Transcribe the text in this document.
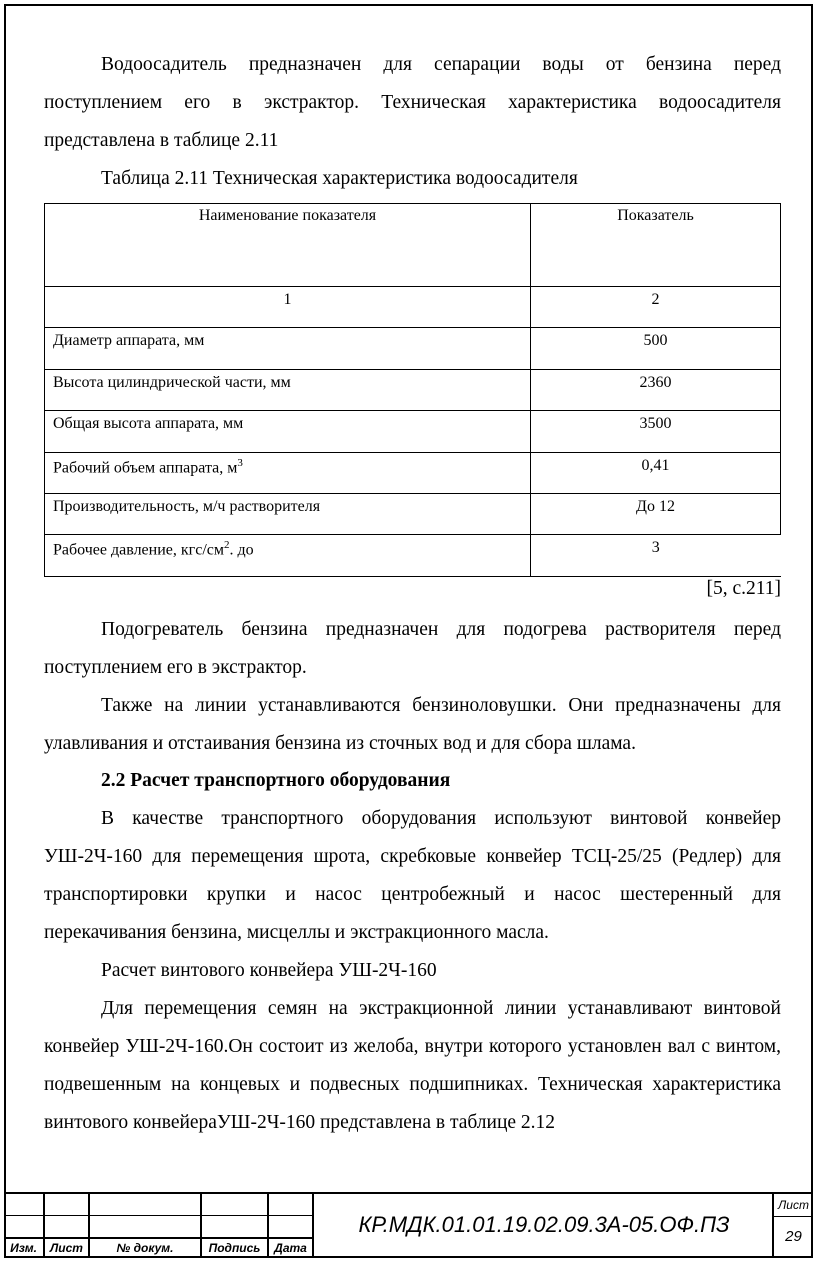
Водоосадитель предназначен для сепарации воды от бензина перед поступлением его в экстрактор. Техническая характеристика водоосадителя представлена в таблице 2.11
Таблица 2.11 Техническая характеристика водоосадителя
Наименование показателя	Показатель
1	2
Диаметр аппарата, мм	500
Высота цилиндрической части, мм	2360
Общая высота аппарата, мм	3500
Рабочий объем аппарата, $м^3$	0,41
Производительность, м/ч растворителя	До 12
Рабочее давление, кгс/$см^2$. до	3
[5, с.211]
Подогреватель бензина предназначен для подогрева растворителя перед поступлением его в экстрактор.
Также на линии устанавливаются бензиноловушки. Они предназначены для улавливания и отстаивания бензина из сточных вод и для сбора шлама.
2.2 Расчет транспортного оборудования
В качестве транспортного оборудования используют винтовой конвейер УШ-2Ч-160 для перемещения шрота, скребковые конвейер ТСЦ-25/25 (Редлер) для транспортировки крупки и насос центробежный и насос шестеренный для перекачивания бензина, мисцеллы и экстракционного масла.
Расчет винтового конвейера УШ-2Ч-160
Для перемещения семян на экстракционной линии устанавливают винтовой конвейер УШ-2Ч-160.Он состоит из желоба, внутри которого установлен вал с винтом, подвешенным на концевых и подвесных подшипниках. Техническая характеристика винтового конвейераУШ-2Ч-160 представлена в таблице 2.12
Изм.	Лист	№ докум.	Подпись	Дата
КР.МДК.01.01.19.02.09.3А-05.ОФ.ПЗ
Лист
29
